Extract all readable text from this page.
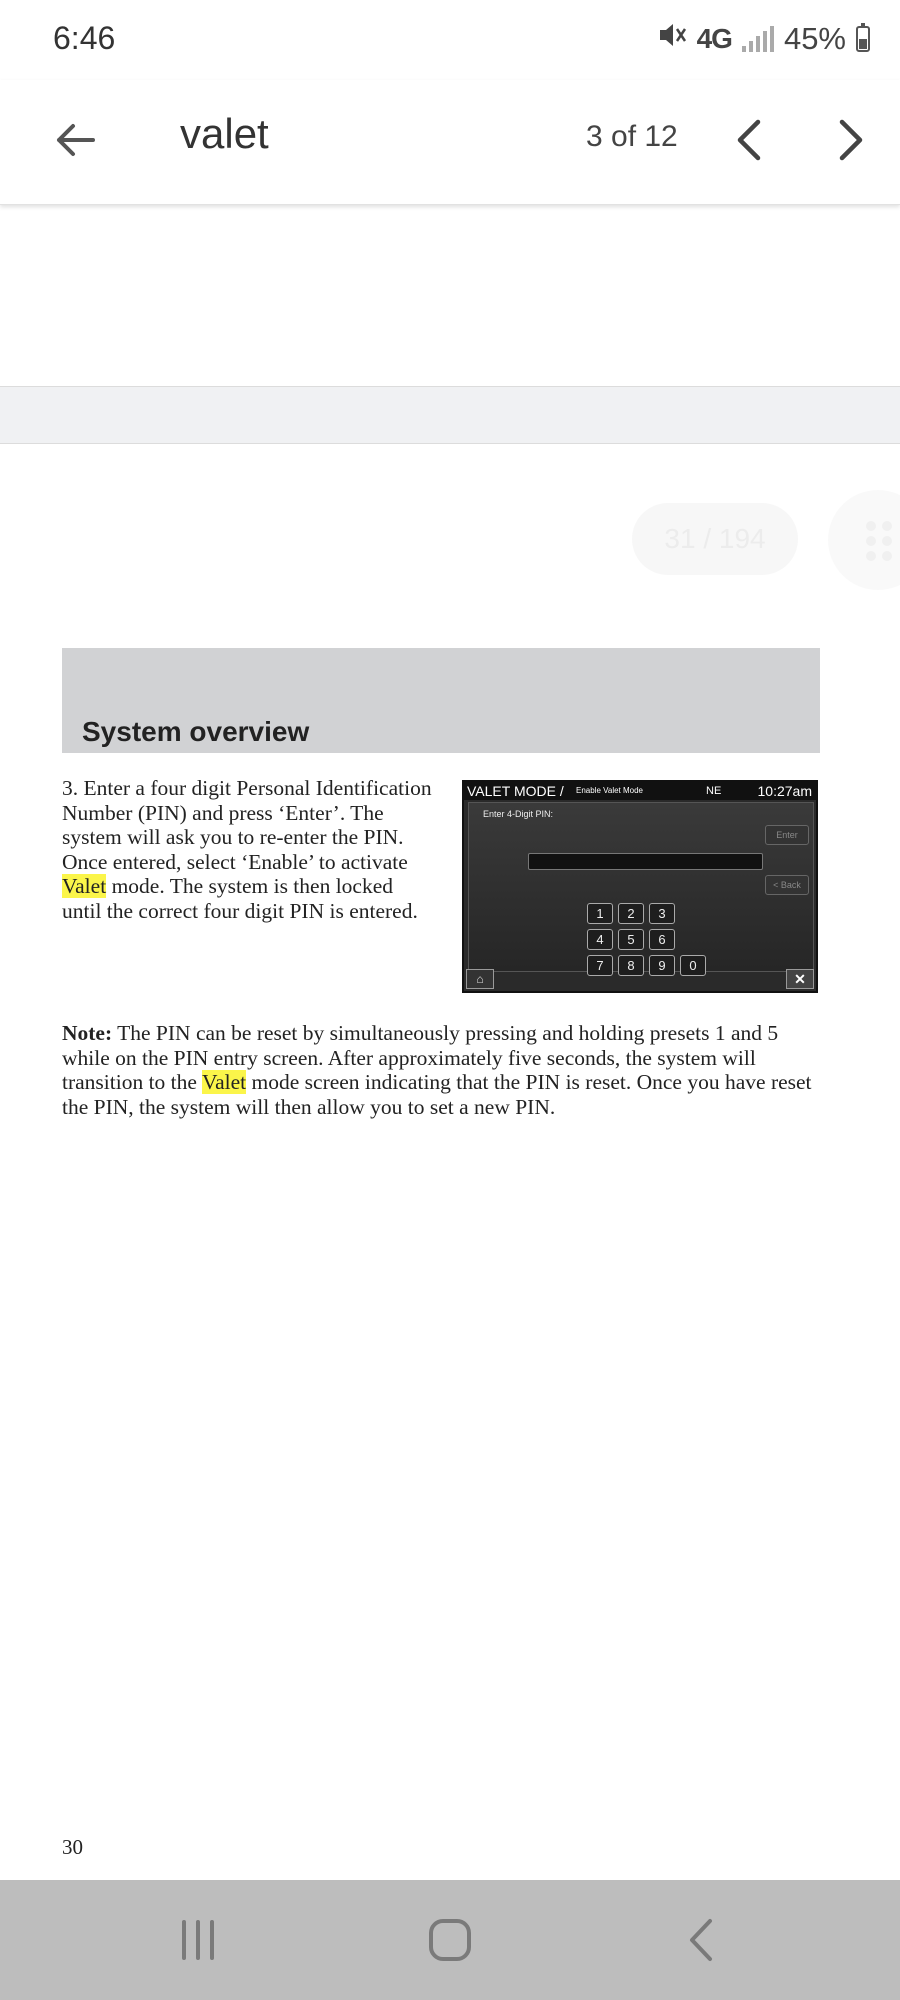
6:46	4G 45%
valet	3 of 12
31 / 194
System overview
3. Enter a four digit Personal Identification Number (PIN) and press ‘Enter’. The system will ask you to re-enter the PIN. Once entered, select ‘Enable’ to activate Valet mode. The system is then locked until the correct four digit PIN is entered.
VALET MODE / Enable Valet Mode	NE	10:27am
Enter 4-Digit PIN:
Enter
< Back
1	2	3
4	5	6
7	8	9	0
⌂	✕
Note: The PIN can be reset by simultaneously pressing and holding presets 1 and 5 while on the PIN entry screen. After approximately five seconds, the system will transition to the Valet mode screen indicating that the PIN is reset. Once you have reset the PIN, the system will then allow you to set a new PIN.
30
